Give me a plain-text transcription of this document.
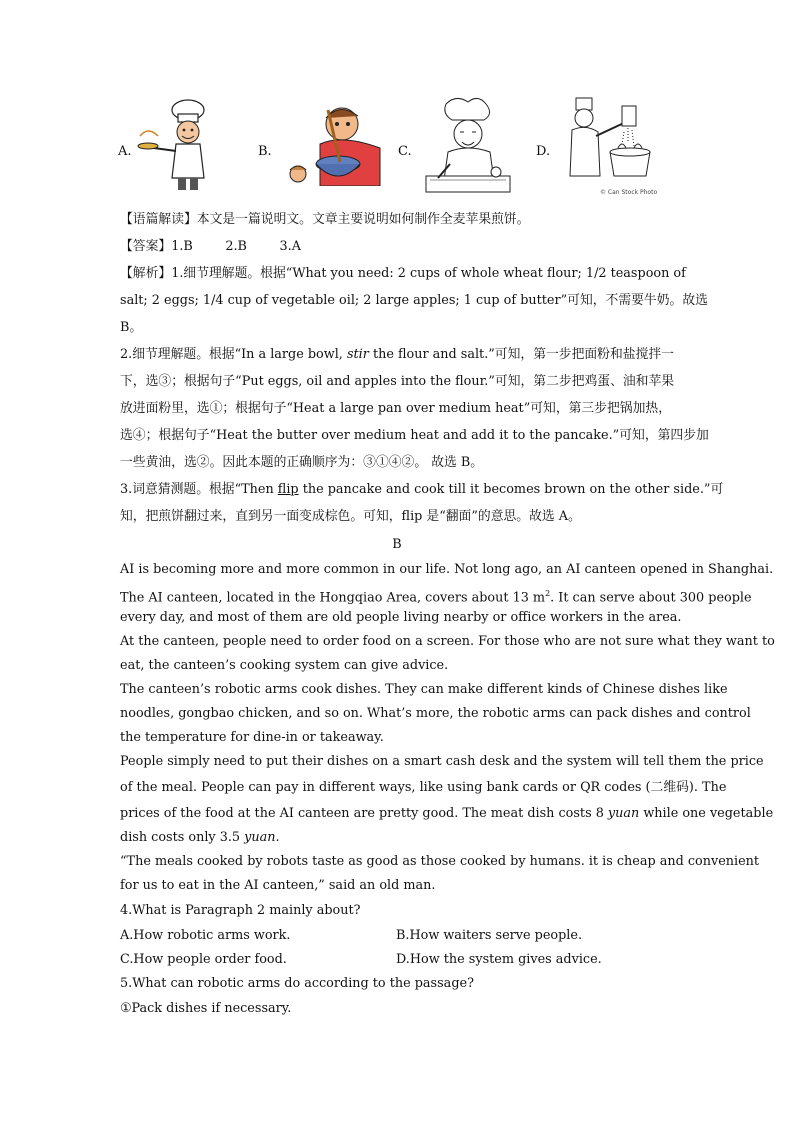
A.	B.	C.	D.
© Can Stock Photo
【语篇解读】本文是一篇说明文。文章主要说明如何制作全麦苹果煎饼。
【答案】1.B        2.B        3.A
【解析】1.细节理解题。根据“What you need: 2 cups of whole wheat flour; 1/2 teaspoon of
salt; 2 eggs; 1/4 cup of vegetable oil; 2 large apples; 1 cup of butter”可知，不需要牛奶。故选
B。
2.细节理解题。根据“In a large bowl, stir the flour and salt.”可知，第一步把面粉和盐搅拌一
下，选③；根据句子“Put eggs, oil and apples into the flour.”可知，第二步把鸡蛋、油和苹果
放进面粉里，选①；根据句子“Heat a large pan over medium heat”可知，第三步把锅加热，
选④；根据句子“Heat the butter over medium heat and add it to the pancake.”可知，第四步加
一些黄油，选②。因此本题的正确顺序为：③①④②。 故选 B。
3.词意猜测题。根据“Then flip the pancake and cook till it becomes brown on the other side.”可
知，把煎饼翻过来，直到另一面变成棕色。可知，flip 是“翻面”的意思。故选 A。
B
AI is becoming more and more common in our life. Not long ago, an AI canteen opened in Shanghai.
The AI canteen, located in the Hongqiao Area, covers about 13 $m^2$. It can serve about 300 people
every day, and most of them are old people living nearby or office workers in the area.
At the canteen, people need to order food on a screen. For those who are not sure what they want to
eat, the canteen’s cooking system can give advice.
The canteen’s robotic arms cook dishes. They can make different kinds of Chinese dishes like
noodles, gongbao chicken, and so on. What’s more, the robotic arms can pack dishes and control
the temperature for dine-in or takeaway.
People simply need to put their dishes on a smart cash desk and the system will tell them the price
of the meal. People can pay in different ways, like using bank cards or QR codes (二维码). The
prices of the food at the AI canteen are pretty good. The meat dish costs 8 yuan while one vegetable
dish costs only 3.5 yuan.
“The meals cooked by robots taste as good as those cooked by humans. it is cheap and convenient
for us to eat in the AI canteen,” said an old man.
4.What is Paragraph 2 mainly about?
A.How robotic arms work.	B.How waiters serve people.
C.How people order food.	D.How the system gives advice.
5.What can robotic arms do according to the passage?
①Pack dishes if necessary.
